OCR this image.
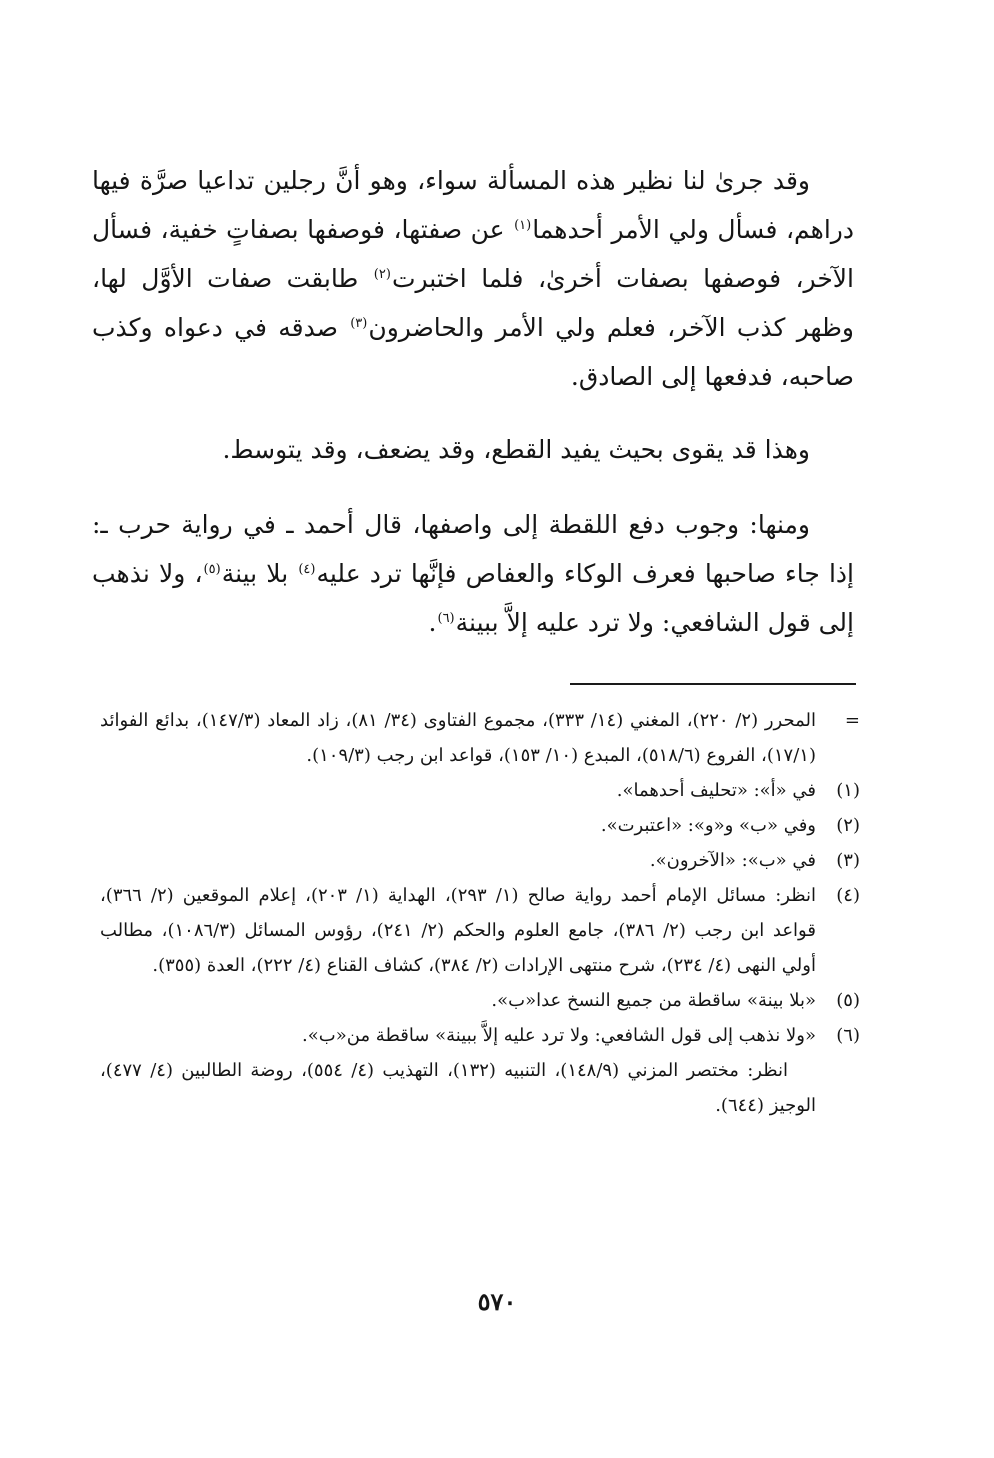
وقد جرىٰ لنا نظير هذه المسألة سواء، وهو أنَّ رجلين تداعيا صرَّة فيها دراهم، فسأل ولي الأمر أحدهما$^{(١)}$ عن صفتها، فوصفها بصفاتٍ خفية، فسأل الآخر، فوصفها بصفات أخرىٰ، فلما اختبرت$^{(٢)}$ طابقت صفات الأوَّل لها، وظهر كذب الآخر، فعلم ولي الأمر والحاضرون$^{(٣)}$ صدقه في دعواه وكذب صاحبه، فدفعها إلى الصادق.

وهذا قد يقوى بحيث يفيد القطع، وقد يضعف، وقد يتوسط.

ومنها: وجوب دفع اللقطة إلى واصفها، قال أحمد ـ في رواية حرب ـ: إذا جاء صاحبها فعرف الوكاء والعفاص فإنَّها ترد عليه$^{(٤)}$ بلا بينة$^{(٥)}$، ولا نذهب إلى قول الشافعي: ولا ترد عليه إلاَّ ببينة$^{(٦)}$.

=
المحرر (٢/ ٢٢٠)، المغني (١٤/ ٣٣٣)، مجموع الفتاوى (٣٤/ ٨١)، زاد المعاد (١٤٧/٣)، بدائع الفوائد (١٧/١)، الفروع (٥١٨/٦)، المبدع (١٠/ ١٥٣)، قواعد ابن رجب (١٠٩/٣).
(١)
في «أ»: «تحليف أحدهما».
(٢)
وفي «ب» و«و»: «اعتبرت».
(٣)
في «ب»: «الآخرون».
(٤)
انظر: مسائل الإمام أحمد رواية صالح (١/ ٢٩٣)، الهداية (١/ ٢٠٣)، إعلام الموقعين (٢/ ٣٦٦)، قواعد ابن رجب (٢/ ٣٨٦)، جامع العلوم والحكم (٢/ ٢٤١)، رؤوس المسائل (١٠٨٦/٣)، مطالب أولي النهى (٤/ ٢٣٤)، شرح منتهى الإرادات (٢/ ٣٨٤)، كشاف القناع (٤/ ٢٢٢)، العدة (٣٥٥).
(٥)
«بلا بينة» ساقطة من جميع النسخ عدا«ب».
(٦)
«ولا نذهب إلى قول الشافعي: ولا ترد عليه إلاَّ ببينة» ساقطة من«ب».
انظر: مختصر المزني (١٤٨/٩)، التنبيه (١٣٢)، التهذيب (٤/ ٥٥٤)، روضة الطالبين (٤/ ٤٧٧)، الوجيز (٦٤٤).
٥٧٠
